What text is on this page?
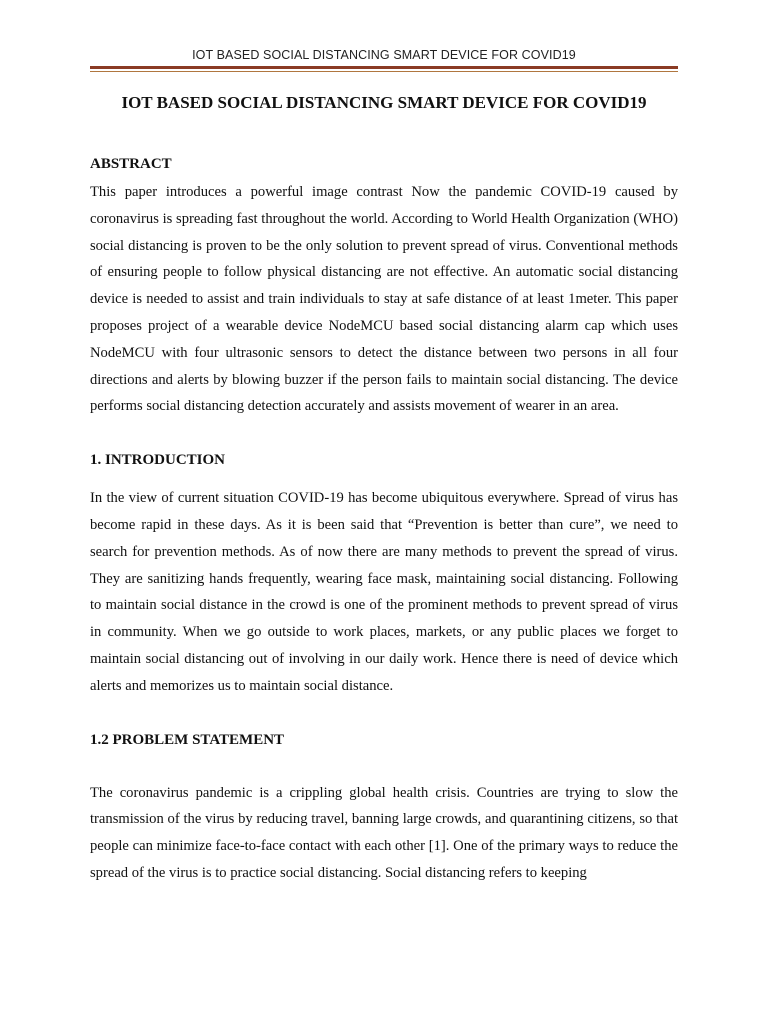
IOT BASED SOCIAL DISTANCING SMART DEVICE FOR COVID19
IOT BASED SOCIAL DISTANCING SMART DEVICE FOR COVID19
ABSTRACT

This paper introduces a powerful image contrast Now the pandemic COVID-19 caused by coronavirus is spreading fast throughout the world. According to World Health Organization (WHO) social distancing is proven to be the only solution to prevent spread of virus. Conventional methods of ensuring people to follow physical distancing are not effective. An automatic social distancing device is needed to assist and train individuals to stay at safe distance of at least 1meter. This paper proposes project of a wearable device NodeMCU based social distancing alarm cap which uses NodeMCU with four ultrasonic sensors to detect the distance between two persons in all four directions and alerts by blowing buzzer if the person fails to maintain social distancing. The device performs social distancing detection accurately and assists movement of wearer in an area.

1. INTRODUCTION

In the view of current situation COVID-19 has become ubiquitous everywhere. Spread of virus has become rapid in these days. As it is been said that “Prevention is better than cure”, we need to search for prevention methods. As of now there are many methods to prevent the spread of virus. They are sanitizing hands frequently, wearing face mask, maintaining social distancing. Following to maintain social distance in the crowd is one of the prominent methods to prevent spread of virus in community. When we go outside to work places, markets, or any public places we forget to maintain social distancing out of involving in our daily work. Hence there is need of device which alerts and memorizes us to maintain social distance.

1.2 PROBLEM STATEMENT

The coronavirus pandemic is a crippling global health crisis. Countries are trying to slow the transmission of the virus by reducing travel, banning large crowds, and quarantining citizens, so that people can minimize face-to-face contact with each other [1]. One of the primary ways to reduce the spread of the virus is to practice social distancing. Social distancing refers to keeping
